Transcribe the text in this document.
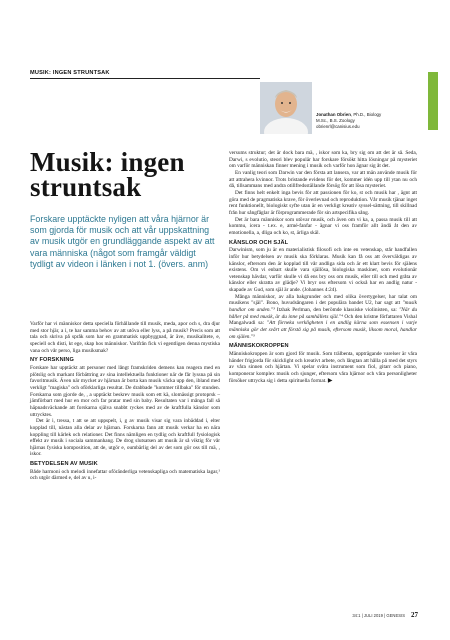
MUSIK: INGEN STRUNTSAK
Jonathan Obrien, Ph.D., Biology
M.Sc., B.S. Zoology
obrienrl@canisius.edu
Musik: ingen struntsak
Forskare upptäckte nyligen att våra hjärnor är som gjorda för musik och att vår uppskattning av musik utgör en grundläggande aspekt av att vara människa (något som framgår väldigt tydligt av videon i länken i not 1. (övers. anm)

Varför har vi människor detta speciella förhållande till musik, meda, apor och s, dra djur med stor hjär, a i, te har samma behov av att utöva eller lyss, a på musik? Precis som att tala och skriva på språk som har en grammatisk uppbyggnad, är äve, musikalitete, e, speciell och disti, kt ege, skap hos människor. Varifrån fick vi egentligen denna mystiska vana och vår perso, liga musiksmak?

NY FORSKNING

Forskare har upptäckt att personer med långt framskriden demens kan reagera med en plötslig och markant förbättring av sina intellektuella funktioner när de får lyssna på sin favoritmusik. Även när mycket av hjärnan är borta kan musik väcka upp den, ibland med verkligt "magiska" och oförklarliga resultat. De drabbade "kommer tillbaka" för stunden. Forskarna som gjorde de, , a upptäckt beskrev musik som ett kä, slomässigt protoprsk – jämförbart med hur en mor och far pratar med sin baby. Resultaten var i många fall så häpnadsväckande att forskarna själva snabbt ryckes med av de kraftfulla känslor som uttrycktes.

Det är i, tressa, t att se att uppspelt, i, g av musik visar sig vara inbäddad i, elter kopplad till, nästan alla delar av hjärnan. Forskarna fann att musik verkar ha en nära koppling till kärlek och relationer. Det finns nämligen en tydlig och kraftfull fysiologisk effekt av musik i sociala sammanhang. De drog slutsatsen att musik är så viktig för vår hjärnas fysiska komposition, att de, utgör e, oumbärlig del av det som gör oss till mä, , iskor.

BETYDELSEN AV MUSIK

Både harmoni och melodi innefattar oföränderliga vetenskapliga och matematiska lagar,¹ och utgör därmed e, del av u, i-

versums struktur; det är dock bara mä, , iskor som ka, bry sig om att det är så. Seda, Darwi, s evolutio, steori blev populär har forskare försökt hitta lösningar på mysteriet om varför människan finner mening i musik och varför hon ägnar sig åt det.

En vanlig teori som Darwin var den första att lansera, var att män använde musik för att attrahera kvinnor. Trots bristande evidens för det, kommer idén upp till ytan nu och då, tillsammans med andra otillfredsställande försög för att lösa mysteriet.

Det finns helt enkelt inga bevis för att passionen för ko, st och musik har , ägnt att göra med de pragmatiska krave, för överlevnad och reproduktion. Vår musik tjänar inget rent funktionellt, biologiskt syfte utan är en verkligt kreativ syssel-sättning, till skillnad från hur sångfåglar är förprogrammerade för sin artspecifika sång.

Det är bara människor som utövar musik, och även om vi ka, a, passa musik till att kommu, icera - t.ex. e, armé-fanfar - ägnar vi oss framför allt ändå åt den av emotionella, a, dliga och ko, st, ärliga skäl.

KÄNSLOR OCH SJÄL

Darwinism, som ju är en materialistisk filosofi och inte en vetenskap, står handfallen inför hur betydelsen av musik ska förklaras. Musik kan få oss att överväldigas av känslor, eftersom den är kopplad till vår andliga sida och är ett klart bevis för själens existens. Om vi enbart skulle vara själlösa, biologiska maskiner, som evolutionär vetenskap hävdar, varför skulle vi då ens bry oss om musik, eller till och med gråta av känslor eller skratta av glädje? Vi bryr oss eftersom vi också har en andlig natur - skapade av Gud, som själ är ande. (Johannes 4:24).

Många människor, av alla bakgrunder och med olika övertygelser, har talat om musikens "själ". Bono, huvudsångaren i det populära bandet U2, har sagt att "musik handlar om anden."³ Itzhak Perlman, den berömde klassiske violinisten, sa: "När du håller på med musik, är du inne på samhällets själ."⁴ Och den kristne författaren Vishal Mangalwadi sa: "Att förneka verkligheten i en andlig kärna som essensen i varje människa gör det svårt att förstå sig på musik, eftersom musik, liksom moral, handlar om själen."⁵

MÄNNISKOKROPPEN

Människokroppen är som gjord för musik. Som trälbenta, uppträgande varelser är våra händer frigjorda för skicklight och kreativt arbete, och långtan att hålla på med det styrs av våra sinnen och hjärtan. Vi spelar svåra instrument som fiol, gitarr och piano, komponerar komplex musik och sjunger, eftersom våra hjärnor och våra personligheter försöker uttrycka sig i detta spirituella format. ▶

34:1 | JULI 2019 | GENESIS 27
